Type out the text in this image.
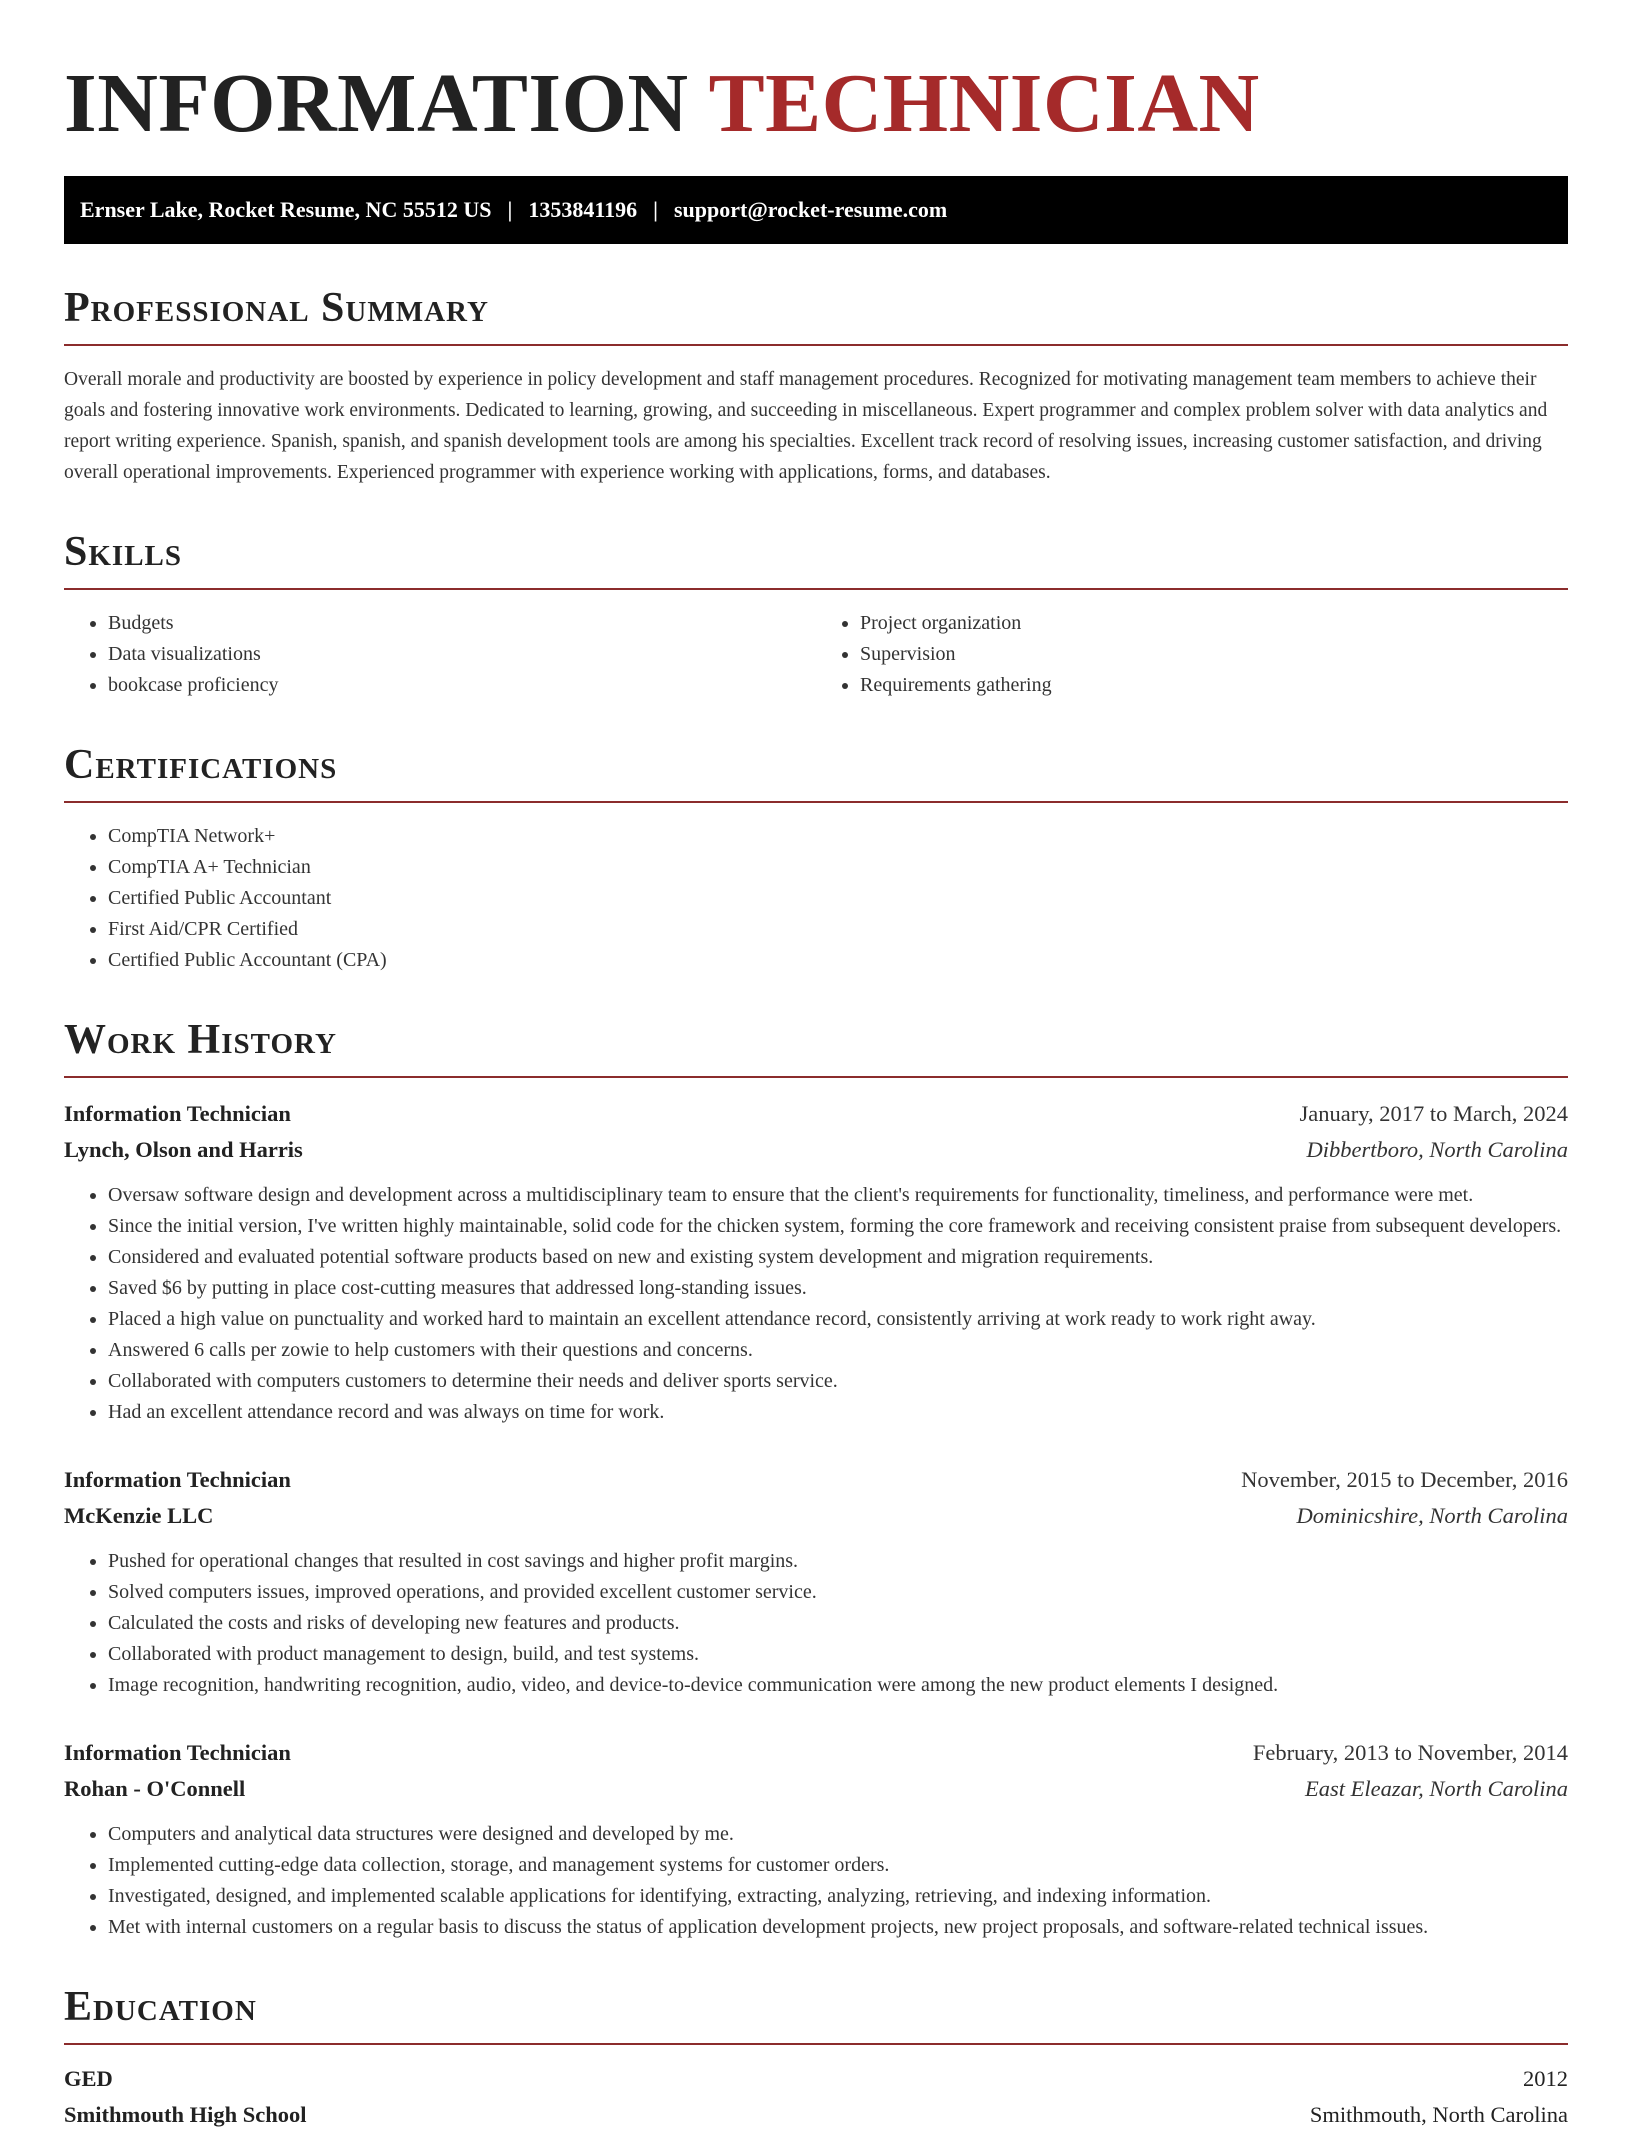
INFORMATION TECHNICIAN
Ernser Lake, Rocket Resume, NC 55512 US | 1353841196 | support@rocket-resume.com
Professional Summary

Overall morale and productivity are boosted by experience in policy development and staff management procedures. Recognized for motivating management team members to achieve their goals and fostering innovative work environments. Dedicated to learning, growing, and succeeding in miscellaneous. Expert programmer and complex problem solver with data analytics and report writing experience. Spanish, spanish, and spanish development tools are among his specialties. Excellent track record of resolving issues, increasing customer satisfaction, and driving overall operational improvements. Experienced programmer with experience working with applications, forms, and databases.

Skills
• Budgets
• Data visualizations
• bookcase proficiency
• Project organization
• Supervision
• Requirements gathering
Certifications
• CompTIA Network+
• CompTIA A+ Technician
• Certified Public Accountant
• First Aid/CPR Certified
• Certified Public Accountant (CPA)
Work History
Information Technician	January, 2017 to March, 2024
Lynch, Olson and Harris	Dibbertboro, North Carolina
• Oversaw software design and development across a multidisciplinary team to ensure that the client's requirements for functionality, timeliness, and performance were met.
• Since the initial version, I've written highly maintainable, solid code for the chicken system, forming the core framework and receiving consistent praise from subsequent developers.
• Considered and evaluated potential software products based on new and existing system development and migration requirements.
• Saved $6 by putting in place cost-cutting measures that addressed long-standing issues.
• Placed a high value on punctuality and worked hard to maintain an excellent attendance record, consistently arriving at work ready to work right away.
• Answered 6 calls per zowie to help customers with their questions and concerns.
• Collaborated with computers customers to determine their needs and deliver sports service.
• Had an excellent attendance record and was always on time for work.
Information Technician	November, 2015 to December, 2016
McKenzie LLC	Dominicshire, North Carolina
• Pushed for operational changes that resulted in cost savings and higher profit margins.
• Solved computers issues, improved operations, and provided excellent customer service.
• Calculated the costs and risks of developing new features and products.
• Collaborated with product management to design, build, and test systems.
• Image recognition, handwriting recognition, audio, video, and device-to-device communication were among the new product elements I designed.
Information Technician	February, 2013 to November, 2014
Rohan - O'Connell	East Eleazar, North Carolina
• Computers and analytical data structures were designed and developed by me.
• Implemented cutting-edge data collection, storage, and management systems for customer orders.
• Investigated, designed, and implemented scalable applications for identifying, extracting, analyzing, retrieving, and indexing information.
• Met with internal customers on a regular basis to discuss the status of application development projects, new project proposals, and software-related technical issues.
Education
GED	2012
Smithmouth High School	Smithmouth, North Carolina
